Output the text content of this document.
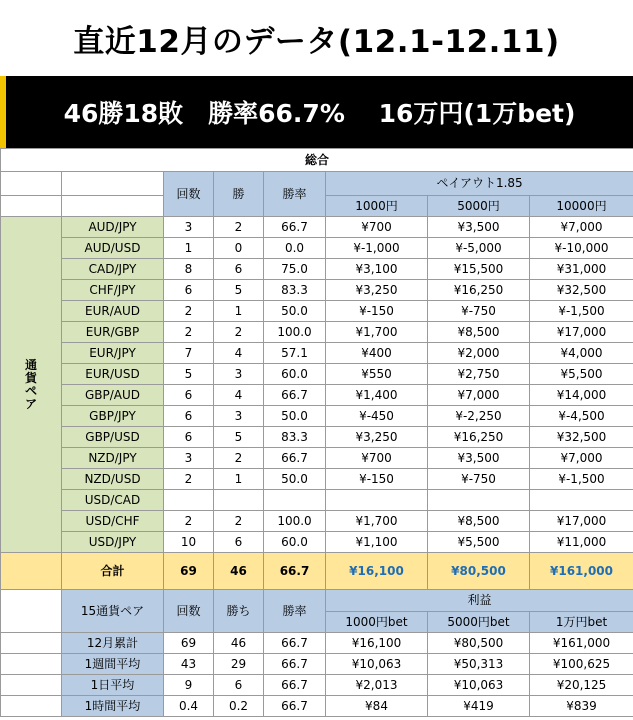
直近12月のデータ(12.1-12.11)
46勝18敗　勝率66.7%　 16万円(1万bet)
総合							
		回数	勝	勝率	ペイアウト1.85		
					1000円	5000円	10000円

通
貨
ペ
ア	AUD/JPY	3	2	66.7	¥700	¥3,500	¥7,000
	AUD/USD	1	0	0.0	¥-1,000	¥-5,000	¥-10,000
	CAD/JPY	8	6	75.0	¥3,100	¥15,500	¥31,000
	CHF/JPY	6	5	83.3	¥3,250	¥16,250	¥32,500
	EUR/AUD	2	1	50.0	¥-150	¥-750	¥-1,500
	EUR/GBP	2	2	100.0	¥1,700	¥8,500	¥17,000
	EUR/JPY	7	4	57.1	¥400	¥2,000	¥4,000
	EUR/USD	5	3	60.0	¥550	¥2,750	¥5,500
	GBP/AUD	6	4	66.7	¥1,400	¥7,000	¥14,000
	GBP/JPY	6	3	50.0	¥-450	¥-2,250	¥-4,500
	GBP/USD	6	5	83.3	¥3,250	¥16,250	¥32,500
	NZD/JPY	3	2	66.7	¥700	¥3,500	¥7,000
	NZD/USD	2	1	50.0	¥-150	¥-750	¥-1,500
	USD/CAD						
	USD/CHF	2	2	100.0	¥1,700	¥8,500	¥17,000
	USD/JPY	10	6	60.0	¥1,100	¥5,500	¥11,000
	合計	69	46	66.7	¥16,100	¥80,500	¥161,000
	15通貨ペア	回数	勝ち	勝率	利益		
					1000円bet	5000円bet	1万円bet
	12月累計	69	46	66.7	¥16,100	¥80,500	¥161,000
	1週間平均	43	29	66.7	¥10,063	¥50,313	¥100,625
	1日平均	9	6	66.7	¥2,013	¥10,063	¥20,125
	1時間平均	0.4	0.2	66.7	¥84	¥419	¥839
